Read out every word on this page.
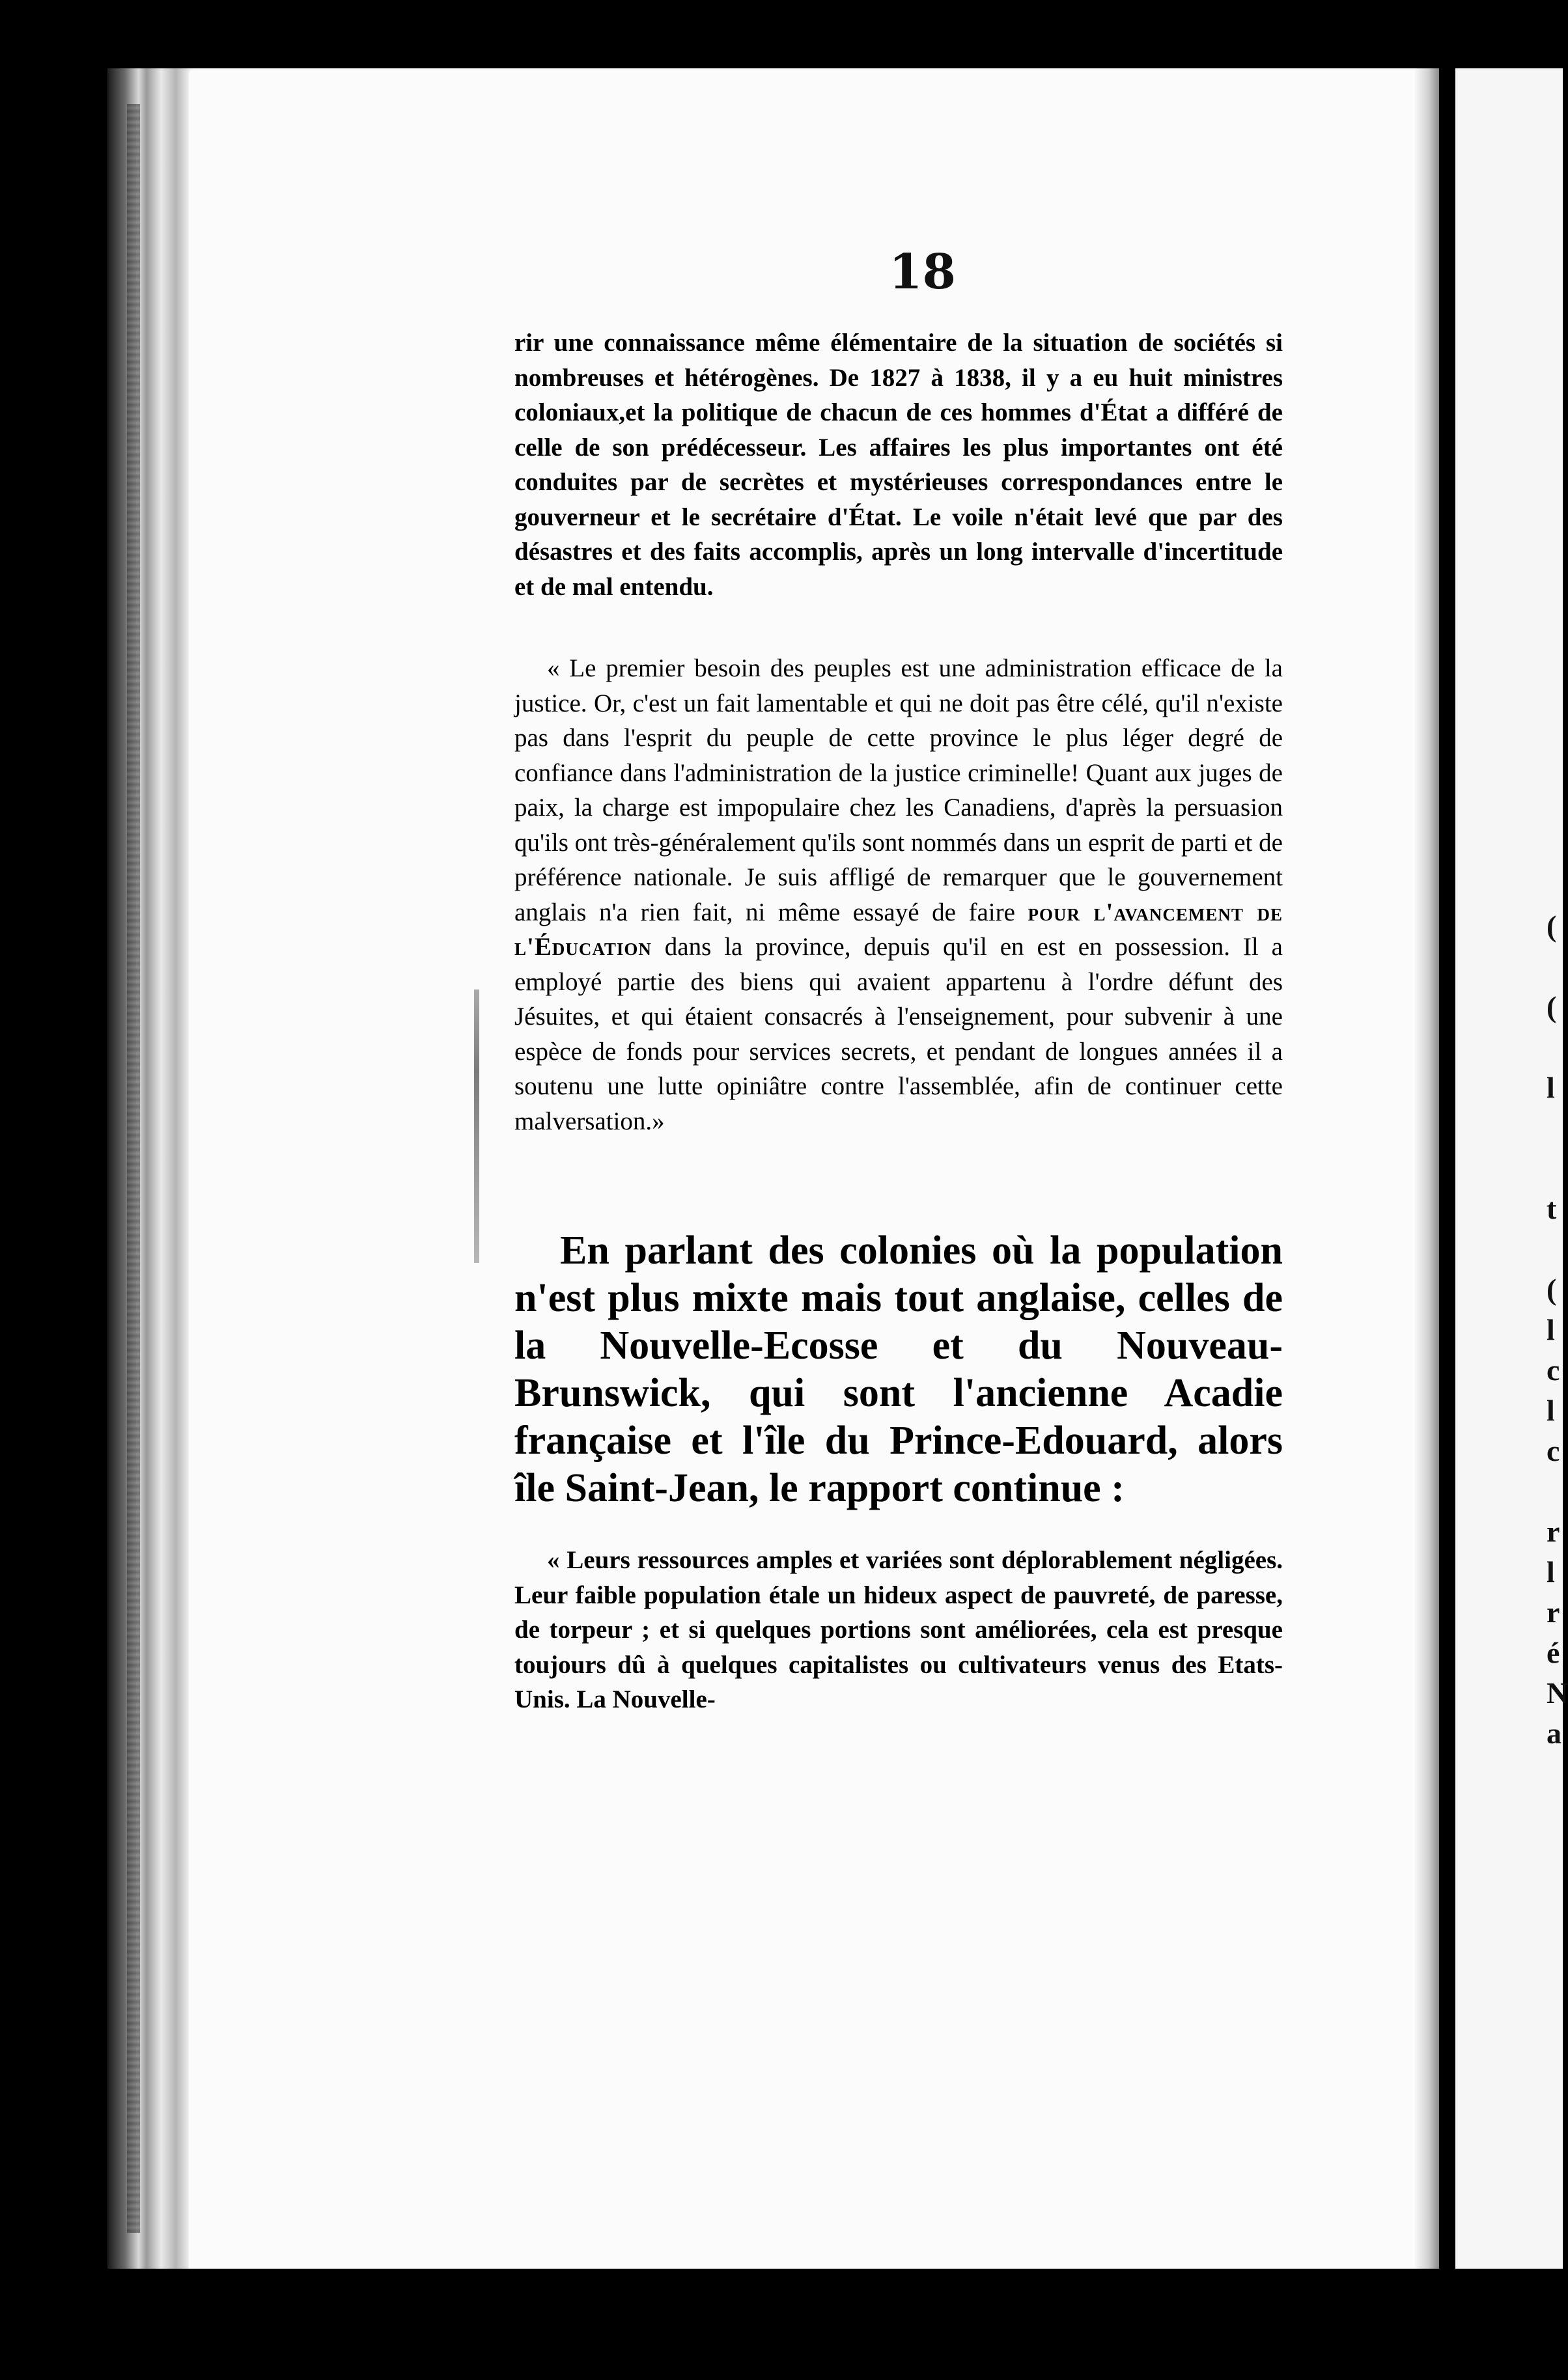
(

(

l

t

(
l
c
l
c

r
l
r
é
N
a
18

rir une connaissance même élémentaire de la situation de sociétés si nombreuses et hétérogènes. De 1827 à 1838, il y a eu huit ministres coloniaux,et la politique de chacun de ces hommes d'État a différé de celle de son prédécesseur. Les affaires les plus importantes ont été conduites par de secrètes et mystérieuses correspondances entre le gouverneur et le secrétaire d'État. Le voile n'était levé que par des désastres et des faits accomplis, après un long intervalle d'incertitude et de mal entendu.

« Le premier besoin des peuples est une administration efficace de la justice. Or, c'est un fait lamentable et qui ne doit pas être célé, qu'il n'existe pas dans l'esprit du peuple de cette province le plus léger degré de confiance dans l'administration de la justice criminelle! Quant aux juges de paix, la charge est impopulaire chez les Canadiens, d'après la persuasion qu'ils ont très-généralement qu'ils sont nommés dans un esprit de parti et de préférence nationale. Je suis affligé de remarquer que le gouvernement anglais n'a rien fait, ni même essayé de faire pour l'avancement de l'Éducation dans la province, depuis qu'il en est en possession. Il a employé partie des biens qui avaient appartenu à l'ordre défunt des Jésuites, et qui étaient consacrés à l'enseignement, pour subvenir à une espèce de fonds pour services secrets, et pendant de longues années il a soutenu une lutte opiniâtre contre l'assemblée, afin de continuer cette malversation.»

En parlant des colonies où la population n'est plus mixte mais tout anglaise, celles de la Nouvelle-Ecosse et du Nouveau-Brunswick, qui sont l'ancienne Acadie française et l'île du Prince-Edouard, alors île Saint-Jean, le rapport continue :

« Leurs ressources amples et variées sont déplorablement négligées. Leur faible population étale un hideux aspect de pauvreté, de paresse, de torpeur ; et si quelques portions sont améliorées, cela est presque toujours dû à quelques capitalistes ou cultivateurs venus des Etats-Unis. La Nouvelle-
